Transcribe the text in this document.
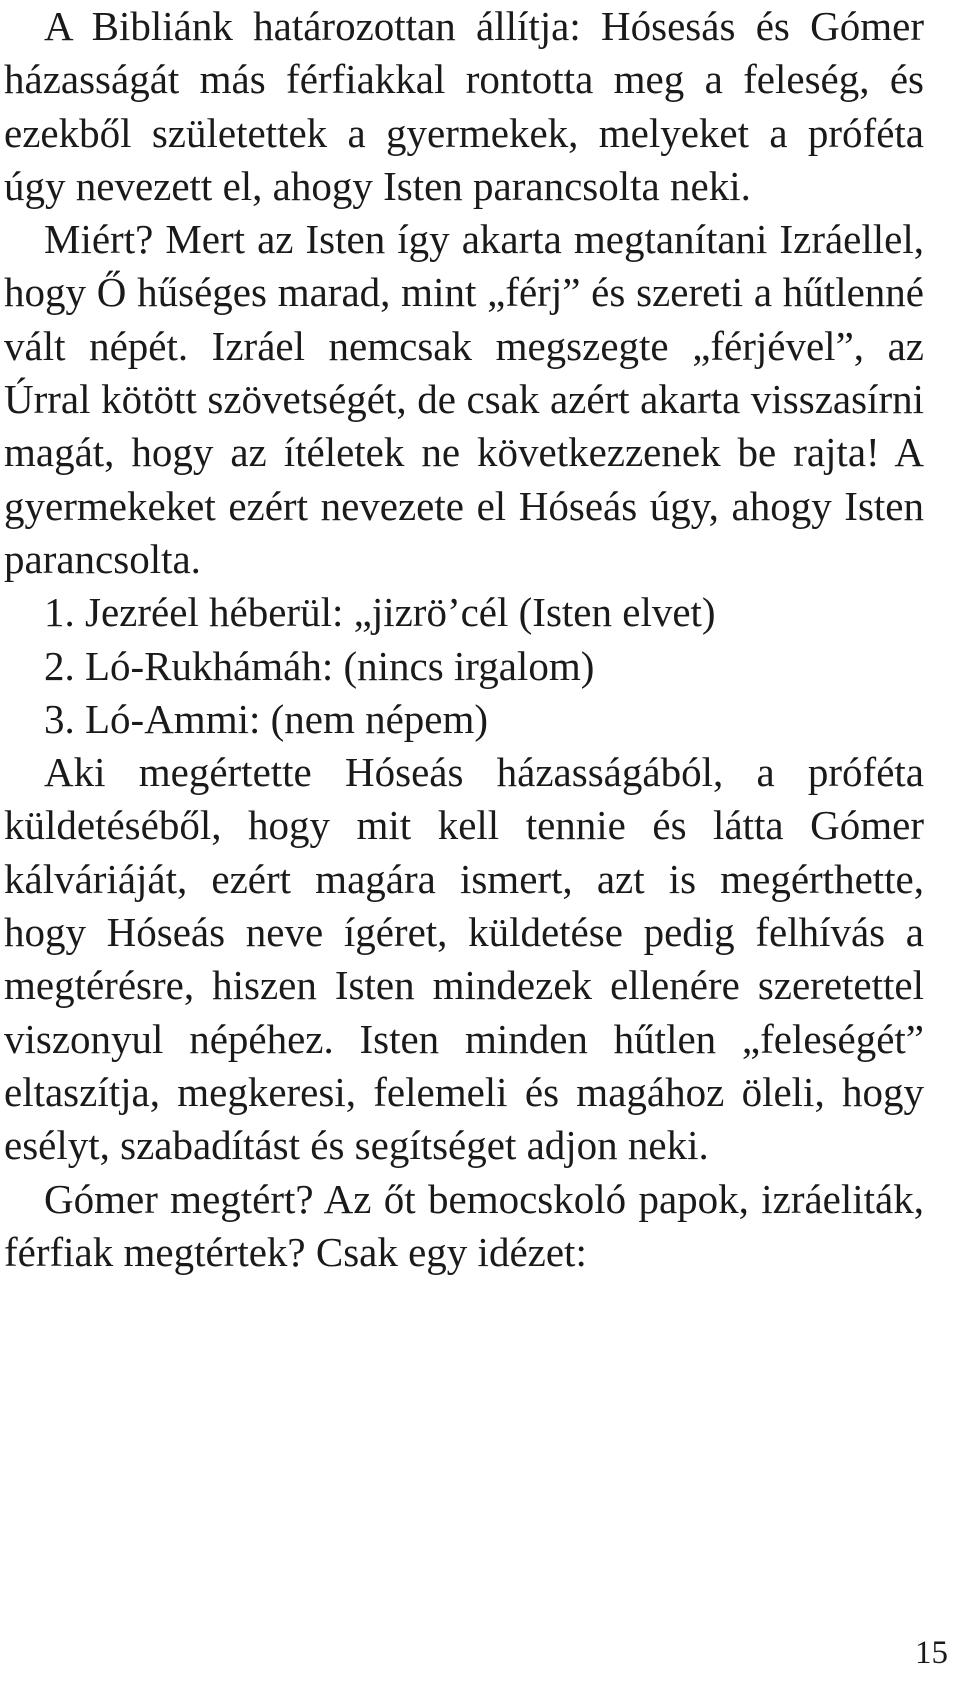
A Bibliánk határozottan állítja: Hósesás és Gómer házasságát más férfiakkal rontotta meg a feleség, és ezekből születettek a gyermekek, melyeket a próféta úgy nevezett el, ahogy Isten parancsolta neki.

Miért? Mert az Isten így akarta megtanítani Izráellel, hogy Ő hűséges marad, mint „férj” és szereti a hűtlenné vált népét. Izráel nemcsak megszegte „férjével”, az Úrral kötött szövetségét, de csak azért akarta visszasírni magát, hogy az ítéletek ne következzenek be rajta! A gyermekeket ezért nevezete el Hóseás úgy, ahogy Isten parancsolta.

1. Jezréel héberül: „jizrö’cél (Isten elvet)

2. Ló-Rukhámáh: (nincs irgalom)

3. Ló-Ammi: (nem népem)

Aki megértette Hóseás házasságából, a próféta küldetéséből, hogy mit kell tennie és látta Gómer kálváriáját, ezért magára ismert, azt is megérthette, hogy Hóseás neve ígéret, küldetése pedig felhívás a megtérésre, hiszen Isten mindezek ellenére szeretettel viszonyul népéhez. Isten minden hűtlen „feleségét” eltaszítja, megkeresi, felemeli és magához öleli, hogy esélyt, szabadítást és segítséget adjon neki.

Gómer megtért? Az őt bemocskoló papok, izráeliták, férfiak megtértek? Csak egy idézet:

15
